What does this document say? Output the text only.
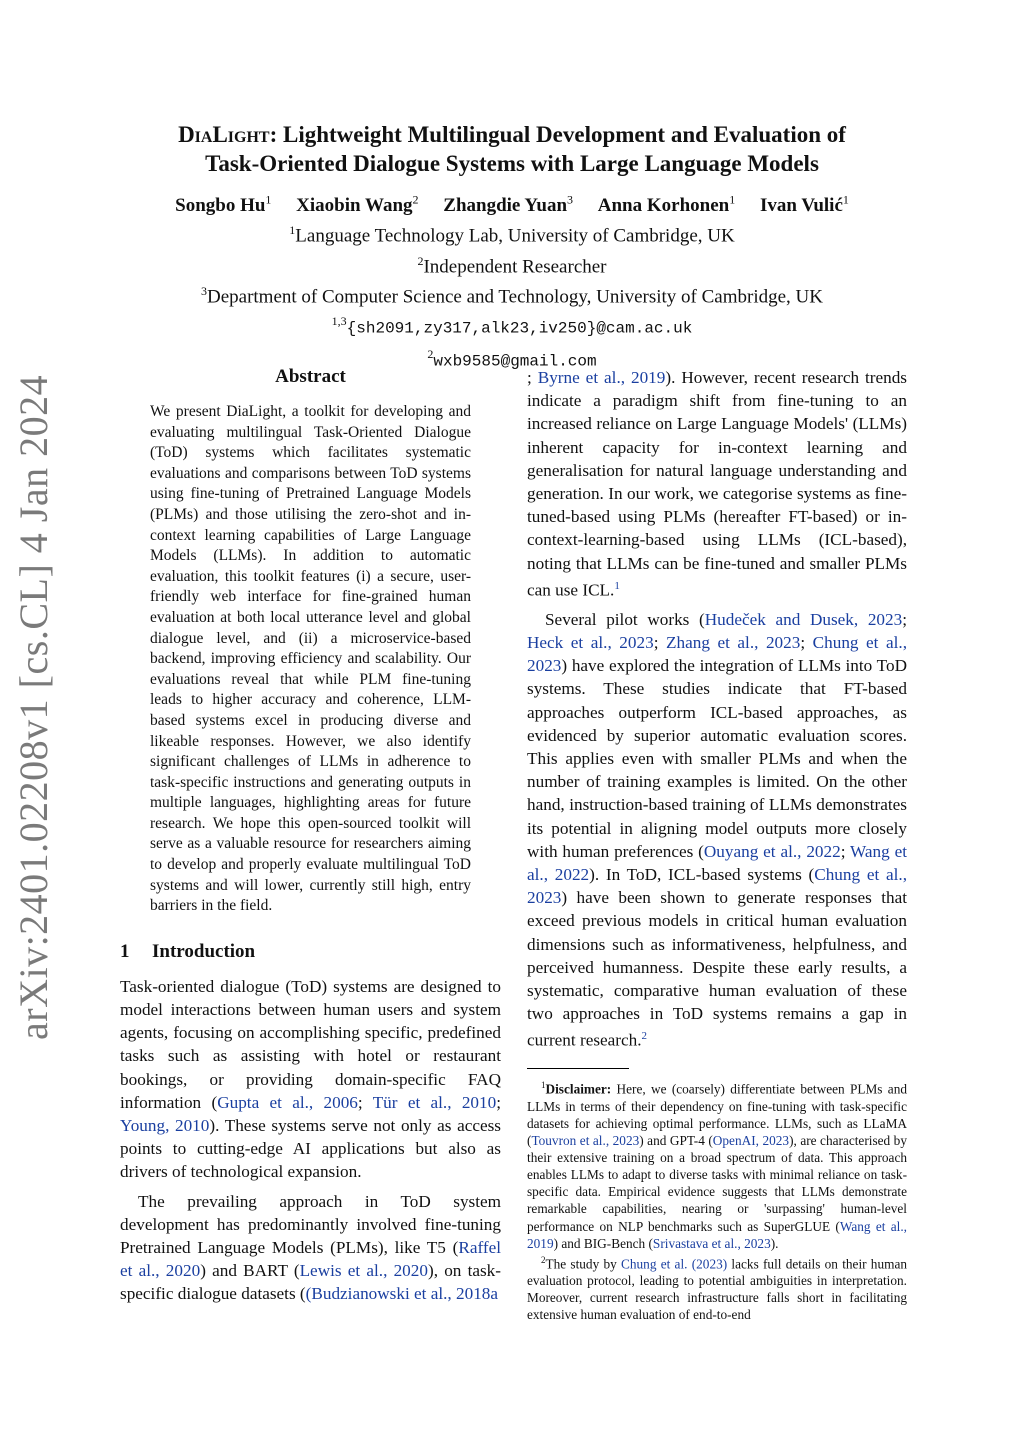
arXiv:2401.02208v1 [cs.CL] 4 Jan 2024
DiaLight: Lightweight Multilingual Development and Evaluation of
Task-Oriented Dialogue Systems with Large Language Models
Songbo Hu$^1$ Xiaobin Wang$^2$ Zhangdie Yuan$^3$ Anna Korhonen$^1$ Ivan Vulić$^1$
$^1$Language Technology Lab, University of Cambridge, UK
$^2$Independent Researcher
$^3$Department of Computer Science and Technology, University of Cambridge, UK
$^{1,3}${sh2091,zy317,alk23,iv250}@cam.ac.uk
$^2$wxb9585@gmail.com
Abstract
We present DiaLight, a toolkit for developing and evaluating multilingual Task-Oriented Dialogue (ToD) systems which facilitates systematic evaluations and comparisons between ToD systems using fine-tuning of Pretrained Language Models (PLMs) and those utilising the zero-shot and in-context learning capabilities of Large Language Models (LLMs). In addition to automatic evaluation, this toolkit features (i) a secure, user-friendly web interface for fine-grained human evaluation at both local utterance level and global dialogue level, and (ii) a microservice-based backend, improving efficiency and scalability. Our evaluations reveal that while PLM fine-tuning leads to higher accuracy and coherence, LLM-based systems excel in producing diverse and likeable responses. However, we also identify significant challenges of LLMs in adherence to task-specific instructions and generating outputs in multiple languages, highlighting areas for future research. We hope this open-sourced toolkit will serve as a valuable resource for researchers aiming to develop and properly evaluate multilingual ToD systems and will lower, currently still high, entry barriers in the field.
1 Introduction

Task-oriented dialogue (ToD) systems are designed to model interactions between human users and system agents, focusing on accomplishing specific, predefined tasks such as assisting with hotel or restaurant bookings, or providing domain-specific FAQ information (Gupta et al., 2006; Tür et al., 2010; Young, 2010). These systems serve not only as access points to cutting-edge AI applications but also as drivers of technological expansion.

The prevailing approach in ToD system development has predominantly involved fine-tuning Pretrained Language Models (PLMs), like T5 (Raffel et al., 2020) and BART (Lewis et al., 2020), on task-specific dialogue datasets ((Budzianowski et al., 2018a

; Byrne et al., 2019). However, recent research trends indicate a paradigm shift from fine-tuning to an increased reliance on Large Language Models' (LLMs) inherent capacity for in-context learning and generalisation for natural language understanding and generation. In our work, we categorise systems as fine-tuned-based using PLMs (hereafter FT-based) or in-context-learning-based using LLMs (ICL-based), noting that LLMs can be fine-tuned and smaller PLMs can use ICL.$^1$

Several pilot works (Hudeček and Dusek, 2023; Heck et al., 2023; Zhang et al., 2023; Chung et al., 2023) have explored the integration of LLMs into ToD systems. These studies indicate that FT-based approaches outperform ICL-based approaches, as evidenced by superior automatic evaluation scores. This applies even with smaller PLMs and when the number of training examples is limited. On the other hand, instruction-based training of LLMs demonstrates its potential in aligning model outputs more closely with human preferences (Ouyang et al., 2022; Wang et al., 2022). In ToD, ICL-based systems (Chung et al., 2023) have been shown to generate responses that exceed previous models in critical human evaluation dimensions such as informativeness, helpfulness, and perceived humanness. Despite these early results, a systematic, comparative human evaluation of these two approaches in ToD systems remains a gap in current research.$^2$

$^1$Disclaimer: Here, we (coarsely) differentiate between PLMs and LLMs in terms of their dependency on fine-tuning with task-specific datasets for achieving optimal performance. LLMs, such as LLaMA (Touvron et al., 2023) and GPT-4 (OpenAI, 2023), are characterised by their extensive training on a broad spectrum of data. This approach enables LLMs to adapt to diverse tasks with minimal reliance on task-specific data. Empirical evidence suggests that LLMs demonstrate remarkable capabilities, nearing or 'surpassing' human-level performance on NLP benchmarks such as SuperGLUE (Wang et al., 2019) and BIG-Bench (Srivastava et al., 2023).

$^2$The study by Chung et al. (2023) lacks full details on their human evaluation protocol, leading to potential ambiguities in interpretation. Moreover, current research infrastructure falls short in facilitating extensive human evaluation of end-to-end
